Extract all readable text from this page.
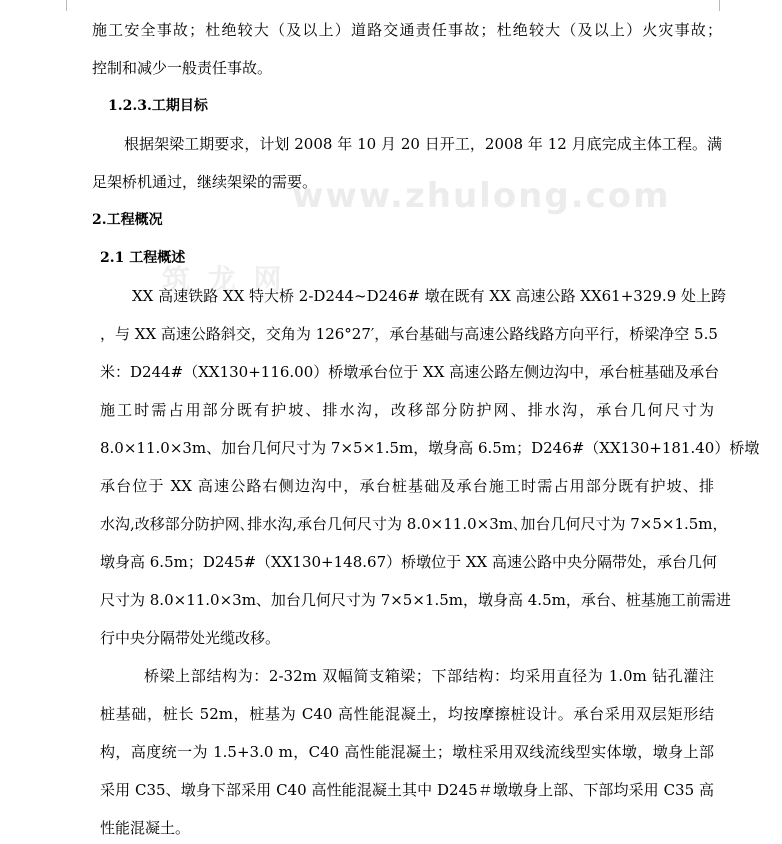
www.zhulong.com
筑 龙 网
施工安全事故；杜绝较大（及以上）道路交通责任事故；杜绝较大（及以上）火灾事故；
控制和减少一般责任事故。
1.2.3.工期目标
根据架梁工期要求，计划 2008 年 10 月 20 日开工，2008 年 12 月底完成主体工程。满
足架桥机通过，继续架梁的需要。
2.工程概况
2.1 工程概述
XX 高速铁路 XX 特大桥 2-D244~D246# 墩在既有 XX 高速公路 XX61+329.9 处上跨
，与 XX 高速公路斜交，交角为 126°27′，承台基础与高速公路线路方向平行，桥梁净空 5.5
米：D244#（XX130+116.00）桥墩承台位于 XX 高速公路左侧边沟中，承台桩基础及承台
施工时需占用部分既有护坡、排水沟，改移部分防护网、排水沟，承台几何尺寸为
8.0×11.0×3m、加台几何尺寸为 7×5×1.5m，墩身高 6.5m；D246#（XX130+181.40）桥墩
承台位于 XX 高速公路右侧边沟中，承台桩基础及承台施工时需占用部分既有护坡、排
水沟,改移部分防护网､排水沟,承台几何尺寸为 8.0×11.0×3m､加台几何尺寸为 7×5×1.5m，
墩身高 6.5m；D245#（XX130+148.67）桥墩位于 XX 高速公路中央分隔带处，承台几何
尺寸为 8.0×11.0×3m、加台几何尺寸为 7×5×1.5m，墩身高 4.5m，承台、桩基施工前需进
行中央分隔带处光缆改移。
桥梁上部结构为：2-32m 双幅简支箱梁；下部结构：均采用直径为 1.0m 钻孔灌注
桩基础，桩长 52m，桩基为 C40 高性能混凝土，均按摩擦桩设计。承台采用双层矩形结
构，高度统一为 1.5+3.0 m，C40 高性能混凝土；墩柱采用双线流线型实体墩，墩身上部
采用 C35、墩身下部采用 C40 高性能混凝土其中 D245＃墩墩身上部、下部均采用 C35 高
性能混凝土。
